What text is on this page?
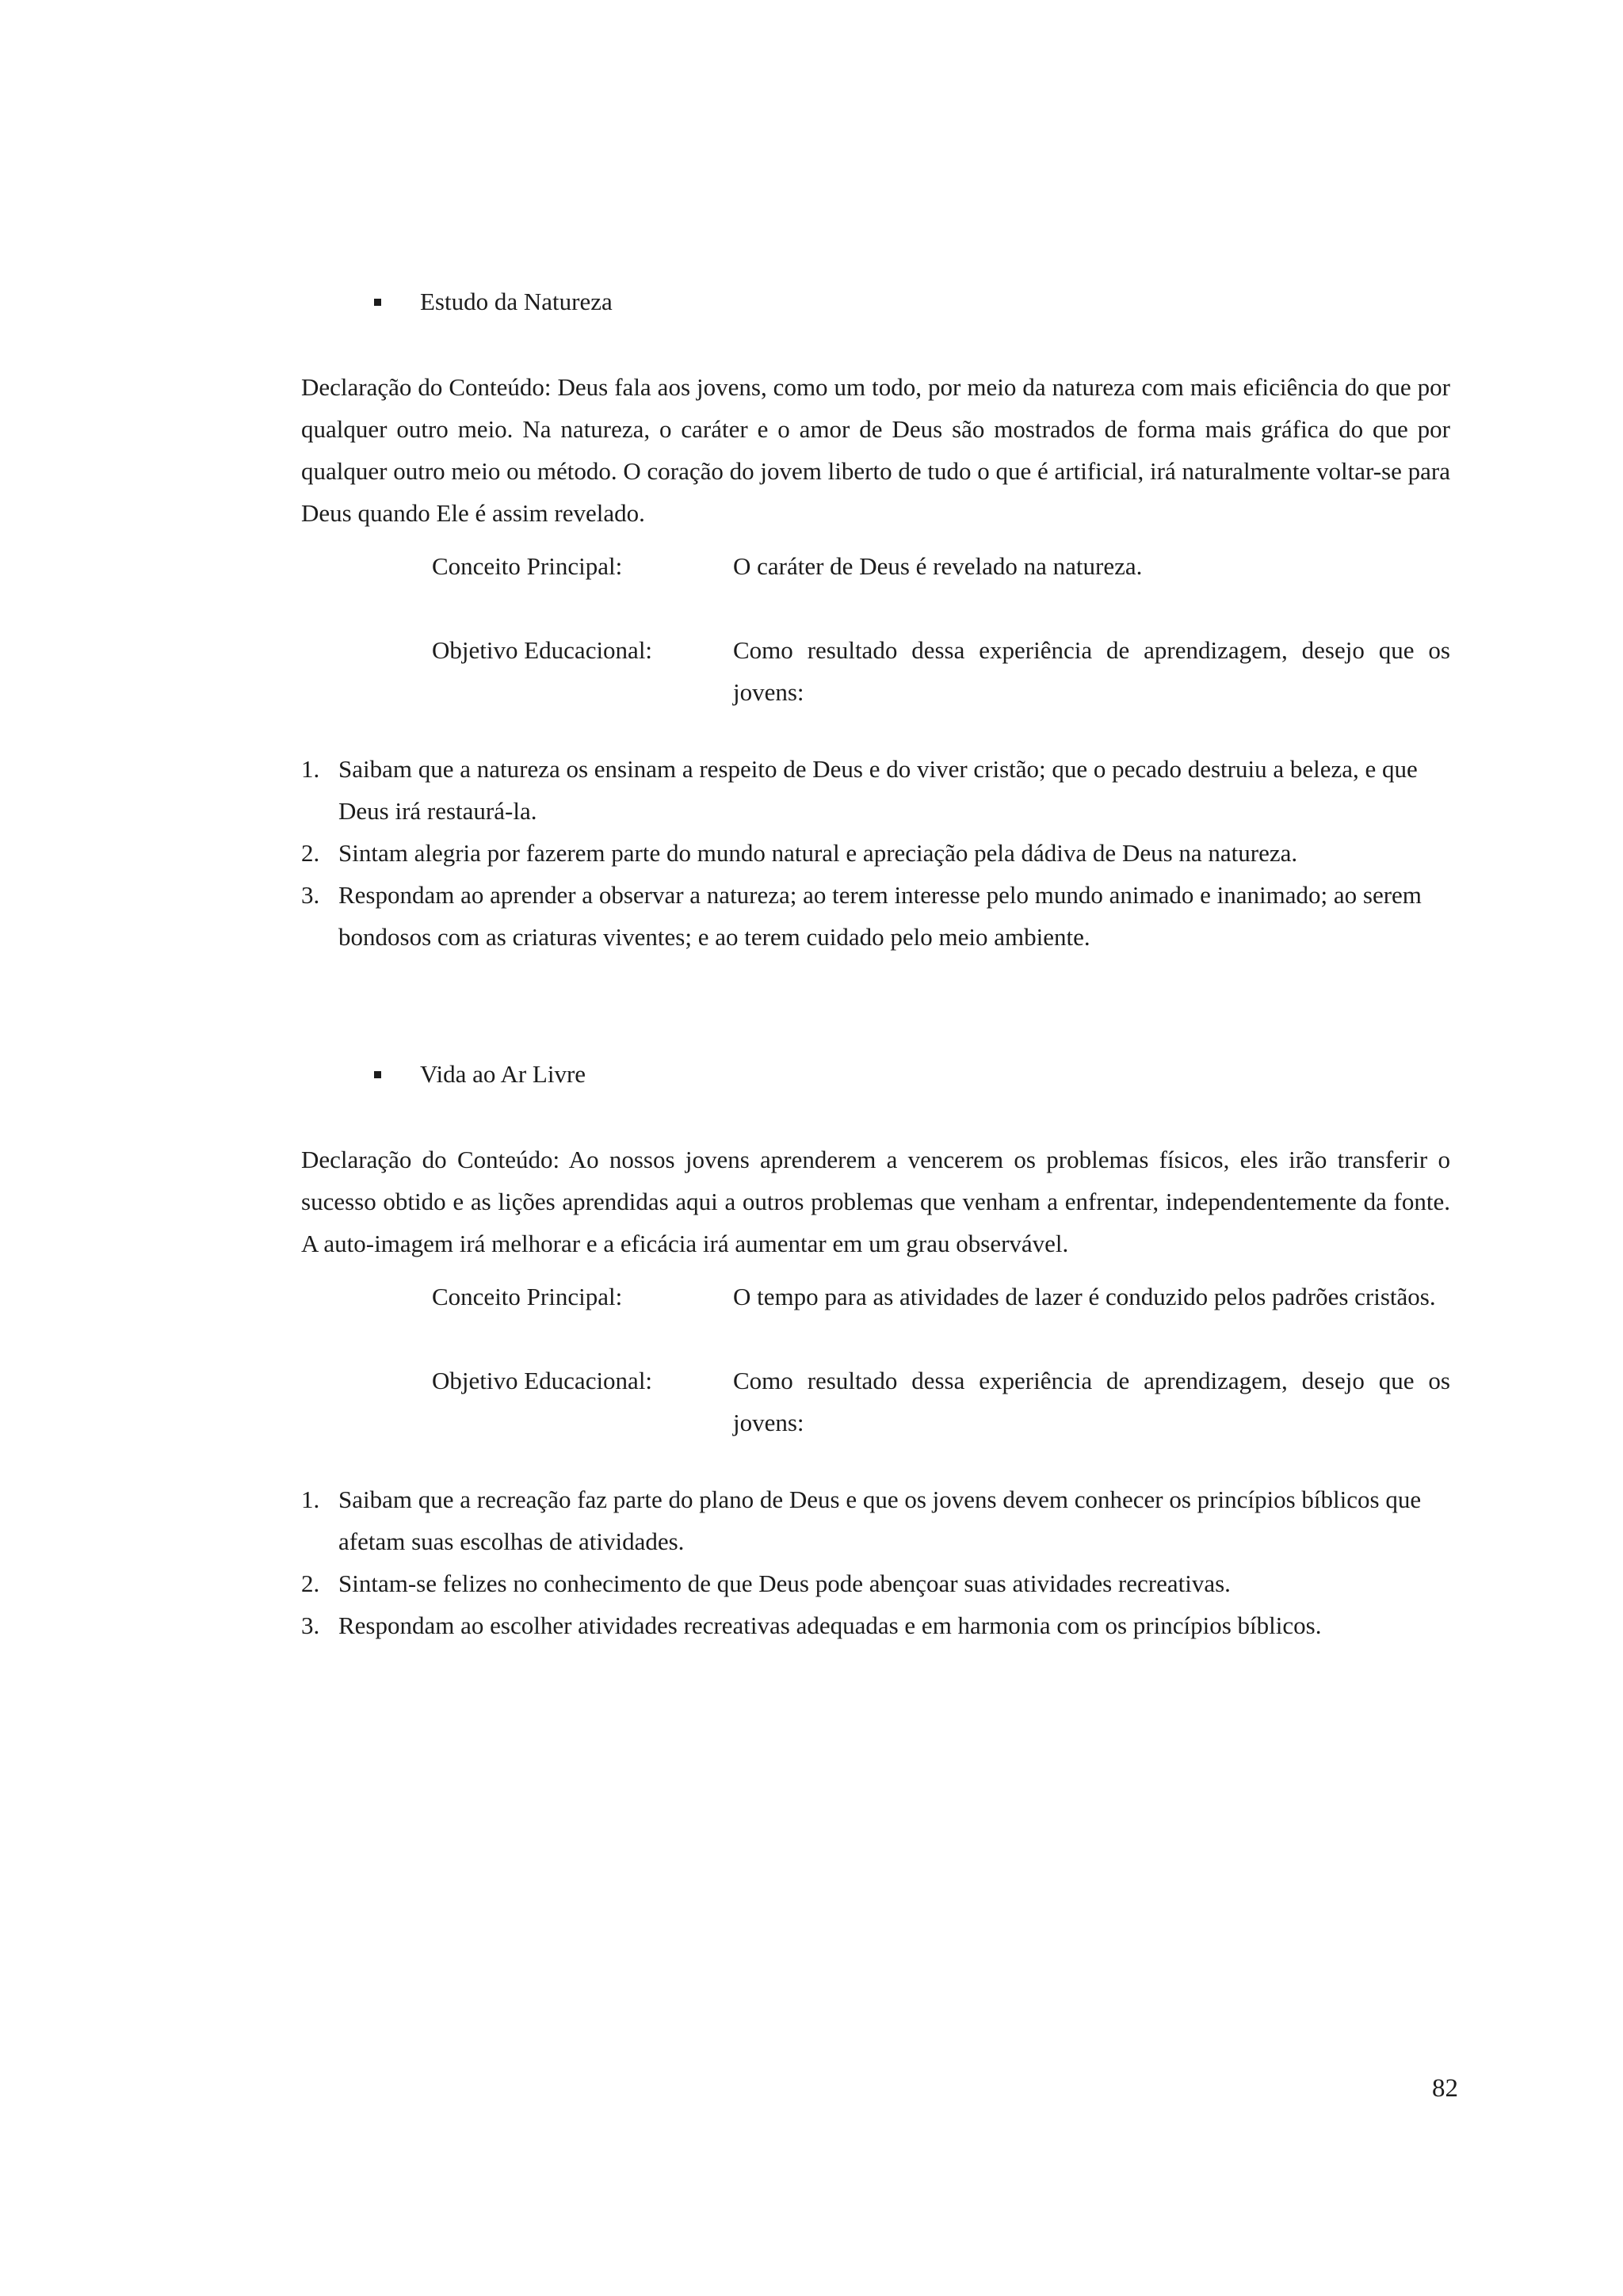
Estudo da Natureza

Declaração do Conteúdo: Deus fala aos jovens, como um todo, por meio da natureza com mais eficiência do que por qualquer outro meio. Na natureza, o caráter e o amor de Deus são mostrados de forma mais gráfica do que por qualquer outro meio ou método. O coração do jovem liberto de tudo o que é artificial, irá naturalmente voltar-se para Deus quando Ele é assim revelado.

Conceito Principal:	O caráter de Deus é revelado na natureza.
Objetivo Educacional:	Como resultado dessa experiência de aprendizagem, desejo que os jovens:
1. Saibam que a natureza os ensinam a respeito de Deus e do viver cristão; que o pecado destruiu a beleza, e que Deus irá restaurá-la.
2. Sintam alegria por fazerem parte do mundo natural e apreciação pela dádiva de Deus na natureza.
3. Respondam ao aprender a observar a natureza; ao terem interesse pelo mundo animado e inanimado; ao serem bondosos com as criaturas viventes; e ao terem cuidado pelo meio ambiente.
Vida ao Ar Livre

Declaração do Conteúdo: Ao nossos jovens aprenderem a vencerem os problemas físicos, eles irão transferir o sucesso obtido e as lições aprendidas aqui a outros problemas que venham a enfrentar, independentemente da fonte. A auto-imagem irá melhorar e a eficácia irá aumentar em um grau observável.

Conceito Principal:	O tempo para as atividades de lazer é conduzido pelos padrões cristãos.
Objetivo Educacional:	Como resultado dessa experiência de aprendizagem, desejo que os jovens:
1. Saibam que a recreação faz parte do plano de Deus e que os jovens devem conhecer os princípios bíblicos que afetam suas escolhas de atividades.
2. Sintam-se felizes no conhecimento de que Deus pode abençoar suas atividades recreativas.
3. Respondam ao escolher atividades recreativas adequadas e em harmonia com os princípios bíblicos.
82
